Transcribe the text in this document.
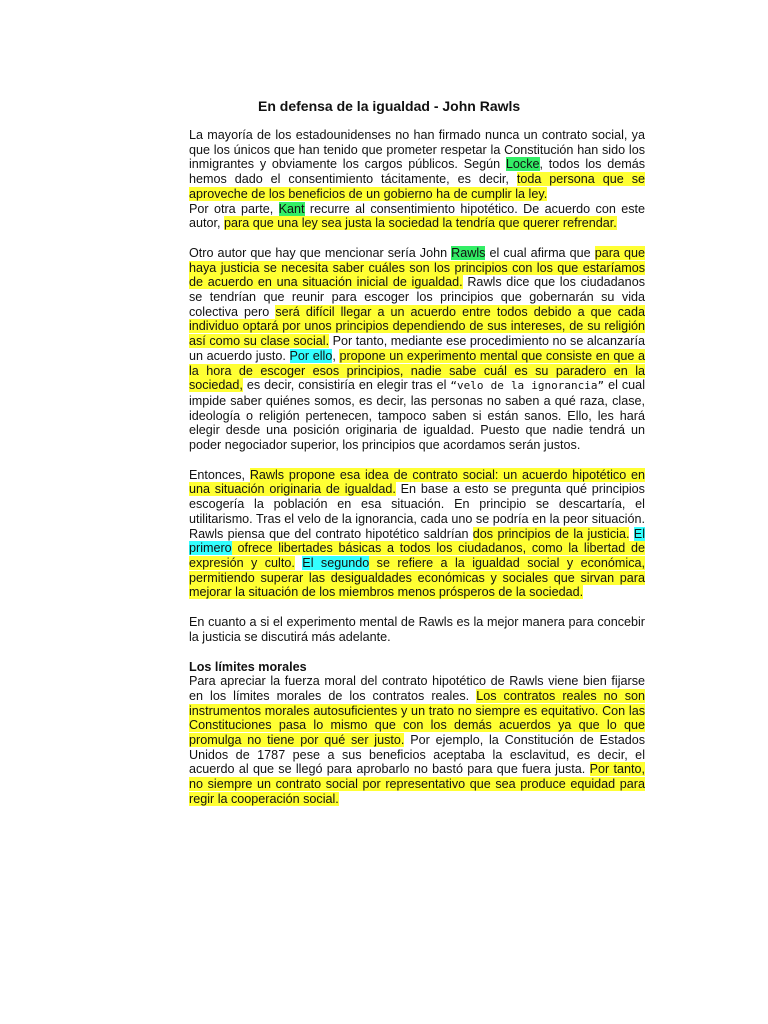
En defensa de la igualdad - John Rawls

La mayoría de los estadounidenses no han firmado nunca un contrato social, ya que los únicos que han tenido que prometer respetar la Constitución han sido los inmigrantes y obviamente los cargos públicos. Según Locke, todos los demás hemos dado el consentimiento tácitamente, es decir, toda persona que se aproveche de los beneficios de un gobierno ha de cumplir la ley.

Por otra parte, Kant recurre al consentimiento hipotético. De acuerdo con este autor, para que una ley sea justa la sociedad la tendría que querer refrendar.

Otro autor que hay que mencionar sería John Rawls el cual afirma que para que haya justicia se necesita saber cuáles son los principios con los que estaríamos de acuerdo en una situación inicial de igualdad. Rawls dice que los ciudadanos se tendrían que reunir para escoger los principios que gobernarán su vida colectiva pero será difícil llegar a un acuerdo entre todos debido a que cada individuo optará por unos principios dependiendo de sus intereses, de su religión así como su clase social. Por tanto, mediante ese procedimiento no se alcanzaría un acuerdo justo. Por ello, propone un experimento mental que consiste en que a la hora de escoger esos principios, nadie sabe cuál es su paradero en la sociedad, es decir, consistiría en elegir tras el “velo de la ignorancia” el cual impide saber quiénes somos, es decir, las personas no saben a qué raza, clase, ideología o religión pertenecen, tampoco saben si están sanos. Ello, les hará elegir desde una posición originaria de igualdad. Puesto que nadie tendrá un poder negociador superior, los principios que acordamos serán justos.

Entonces, Rawls propone esa idea de contrato social: un acuerdo hipotético en una situación originaria de igualdad. En base a esto se pregunta qué principios escogería la población en esa situación. En principio se descartaría, el utilitarismo. Tras el velo de la ignorancia, cada uno se podría en la peor situación. Rawls piensa que del contrato hipotético saldrían dos principios de la justicia. El primero ofrece libertades básicas a todos los ciudadanos, como la libertad de expresión y culto. El segundo se refiere a la igualdad social y económica, permitiendo superar las desigualdades económicas y sociales que sirvan para mejorar la situación de los miembros menos prósperos de la sociedad.

En cuanto a si el experimento mental de Rawls es la mejor manera para concebir la justicia se discutirá más adelante.

Los límites morales

Para apreciar la fuerza moral del contrato hipotético de Rawls viene bien fijarse en los límites morales de los contratos reales. Los contratos reales no son instrumentos morales autosuficientes y un trato no siempre es equitativo. Con las Constituciones pasa lo mismo que con los demás acuerdos ya que lo que promulga no tiene por qué ser justo. Por ejemplo, la Constitución de Estados Unidos de 1787 pese a sus beneficios aceptaba la esclavitud, es decir, el acuerdo al que se llegó para aprobarlo no bastó para que fuera justa. Por tanto, no siempre un contrato social por representativo que sea produce equidad para regir la cooperación social.
